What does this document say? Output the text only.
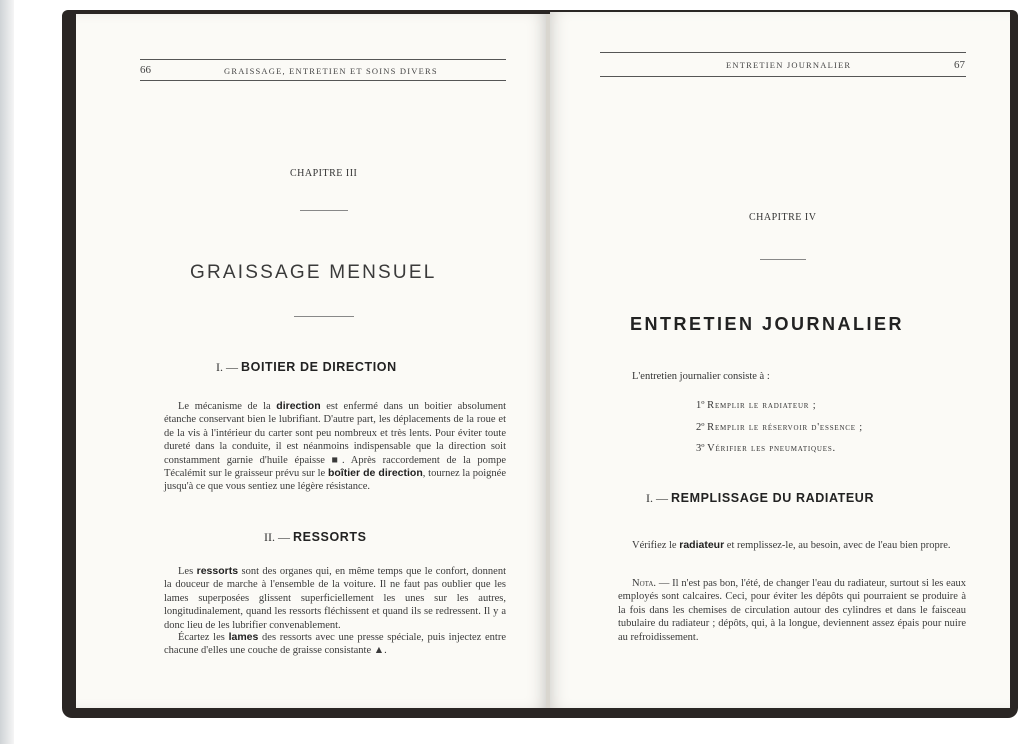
66	GRAISSAGE, ENTRETIEN ET SOINS DIVERS
CHAPITRE III
GRAISSAGE MENSUEL
I. — BOITIER DE DIRECTION
Le mécanisme de la direction est enfermé dans un boitier absolument étanche conservant bien le lubrifiant. D'autre part, les déplacements de la roue et de la vis à l'intérieur du carter sont peu nombreux et très lents. Pour éviter toute dureté dans la conduite, il est néanmoins indispensable que la direction soit constamment garnie d'huile épaisse ■. Après raccordement de la pompe Técalémit sur le graisseur prévu sur le boîtier de direction, tournez la poignée jusqu'à ce que vous sentiez une légère résistance.
II. — RESSORTS
Les ressorts sont des organes qui, en même temps que le confort, donnent la douceur de marche à l'ensemble de la voiture. Il ne faut pas oublier que les lames superposées glissent superficiellement les unes sur les autres, longitudinalement, quand les ressorts fléchissent et quand ils se redressent. Il y a donc lieu de les lubrifier convenablement.
Écartez les lames des ressorts avec une presse spéciale, puis injectez entre chacune d'elles une couche de graisse consistante ▲.
ENTRETIEN JOURNALIER	67
CHAPITRE IV
ENTRETIEN JOURNALIER
L'entretien journalier consiste à :
1º Remplir le radiateur ;
2º Remplir le réservoir d'essence ;
3º Vérifier les pneumatiques.
I. — REMPLISSAGE DU RADIATEUR
Vérifiez le radiateur et remplissez-le, au besoin, avec de l'eau bien propre.
Nota. — Il n'est pas bon, l'été, de changer l'eau du radiateur, surtout si les eaux employés sont calcaires. Ceci, pour éviter les dépôts qui pourraient se produire à la fois dans les chemises de circulation autour des cylindres et dans le faisceau tubulaire du radiateur ; dépôts, qui, à la longue, deviennent assez épais pour nuire au refroidissement.
